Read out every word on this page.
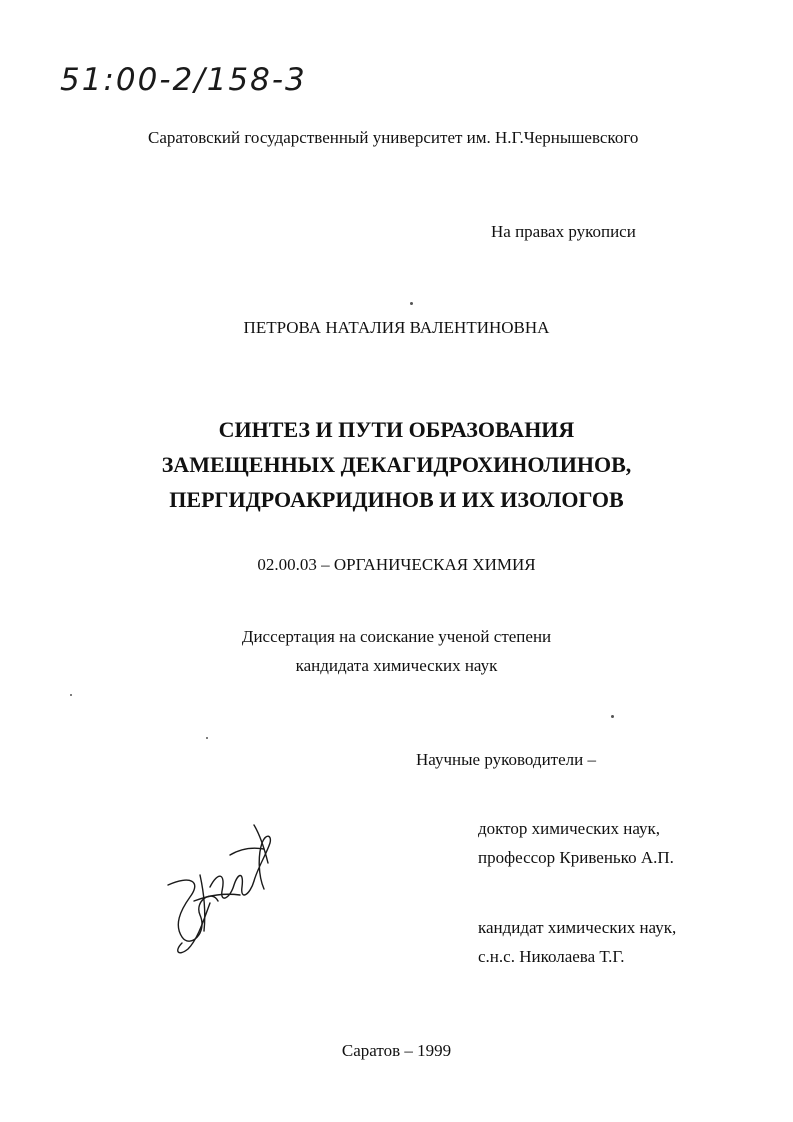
51:00-2/158-3
Саратовский государственный университет им. Н.Г.Чернышевского
На правах рукописи
ПЕТРОВА НАТАЛИЯ ВАЛЕНТИНОВНА
СИНТЕЗ И ПУТИ ОБРАЗОВАНИЯ
ЗАМЕЩЕННЫХ ДЕКАГИДРОХИНОЛИНОВ,
ПЕРГИДРОАКРИДИНОВ И ИХ ИЗОЛОГОВ
02.00.03 – ОРГАНИЧЕСКАЯ ХИМИЯ
Диссертация на соискание ученой степени
кандидата химических наук
Научные руководители –
доктор химических наук,
профессор Кривенько А.П.
кандидат химических наук,
с.н.с. Николаева Т.Г.
Саратов – 1999
